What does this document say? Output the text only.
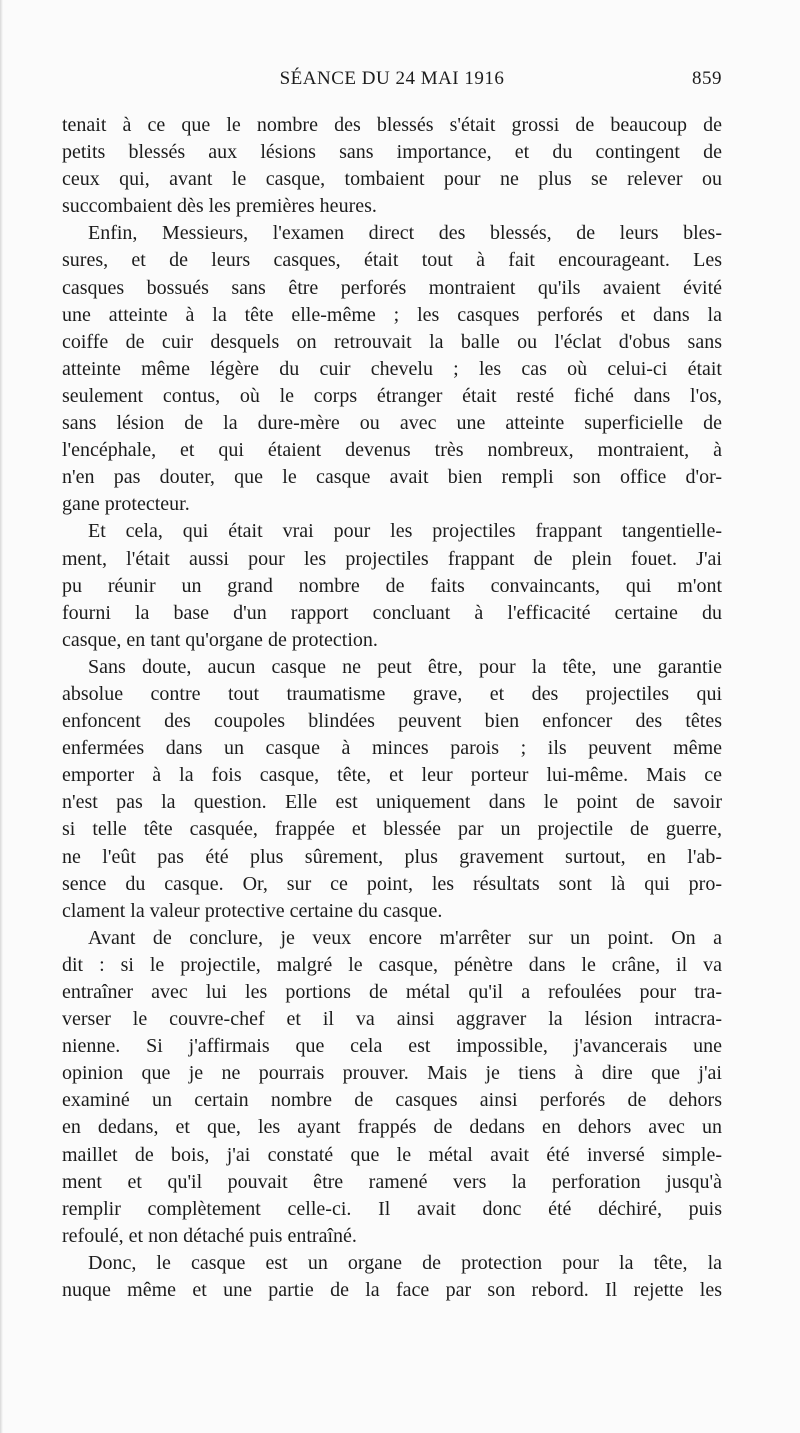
SÉANCE DU 24 MAI 1916	859
tenait à ce que le nombre des blessés s'était grossi de beaucoup de
petits blessés aux lésions sans importance, et du contingent de
ceux qui, avant le casque, tombaient pour ne plus se relever ou
succombaient dès les premières heures.
Enfin, Messieurs, l'examen direct des blessés, de leurs bles-
sures, et de leurs casques, était tout à fait encourageant. Les
casques bossués sans être perforés montraient qu'ils avaient évité
une atteinte à la tête elle-même ; les casques perforés et dans la
coiffe de cuir desquels on retrouvait la balle ou l'éclat d'obus sans
atteinte même légère du cuir chevelu ; les cas où celui-ci était
seulement contus, où le corps étranger était resté fiché dans l'os,
sans lésion de la dure-mère ou avec une atteinte superficielle de
l'encéphale, et qui étaient devenus très nombreux, montraient, à
n'en pas douter, que le casque avait bien rempli son office d'or-
gane protecteur.
Et cela, qui était vrai pour les projectiles frappant tangentielle-
ment, l'était aussi pour les projectiles frappant de plein fouet. J'ai
pu réunir un grand nombre de faits convaincants, qui m'ont
fourni la base d'un rapport concluant à l'efficacité certaine du
casque, en tant qu'organe de protection.
Sans doute, aucun casque ne peut être, pour la tête, une garantie
absolue contre tout traumatisme grave, et des projectiles qui
enfoncent des coupoles blindées peuvent bien enfoncer des têtes
enfermées dans un casque à minces parois ; ils peuvent même
emporter à la fois casque, tête, et leur porteur lui-même. Mais ce
n'est pas la question. Elle est uniquement dans le point de savoir
si telle tête casquée, frappée et blessée par un projectile de guerre,
ne l'eût pas été plus sûrement, plus gravement surtout, en l'ab-
sence du casque. Or, sur ce point, les résultats sont là qui pro-
clament la valeur protective certaine du casque.
Avant de conclure, je veux encore m'arrêter sur un point. On a
dit : si le projectile, malgré le casque, pénètre dans le crâne, il va
entraîner avec lui les portions de métal qu'il a refoulées pour tra-
verser le couvre-chef et il va ainsi aggraver la lésion intracra-
nienne. Si j'affirmais que cela est impossible, j'avancerais une
opinion que je ne pourrais prouver. Mais je tiens à dire que j'ai
examiné un certain nombre de casques ainsi perforés de dehors
en dedans, et que, les ayant frappés de dedans en dehors avec un
maillet de bois, j'ai constaté que le métal avait été inversé simple-
ment et qu'il pouvait être ramené vers la perforation jusqu'à
remplir complètement celle-ci. Il avait donc été déchiré, puis
refoulé, et non détaché puis entraîné.
Donc, le casque est un organe de protection pour la tête, la
nuque même et une partie de la face par son rebord. Il rejette les
